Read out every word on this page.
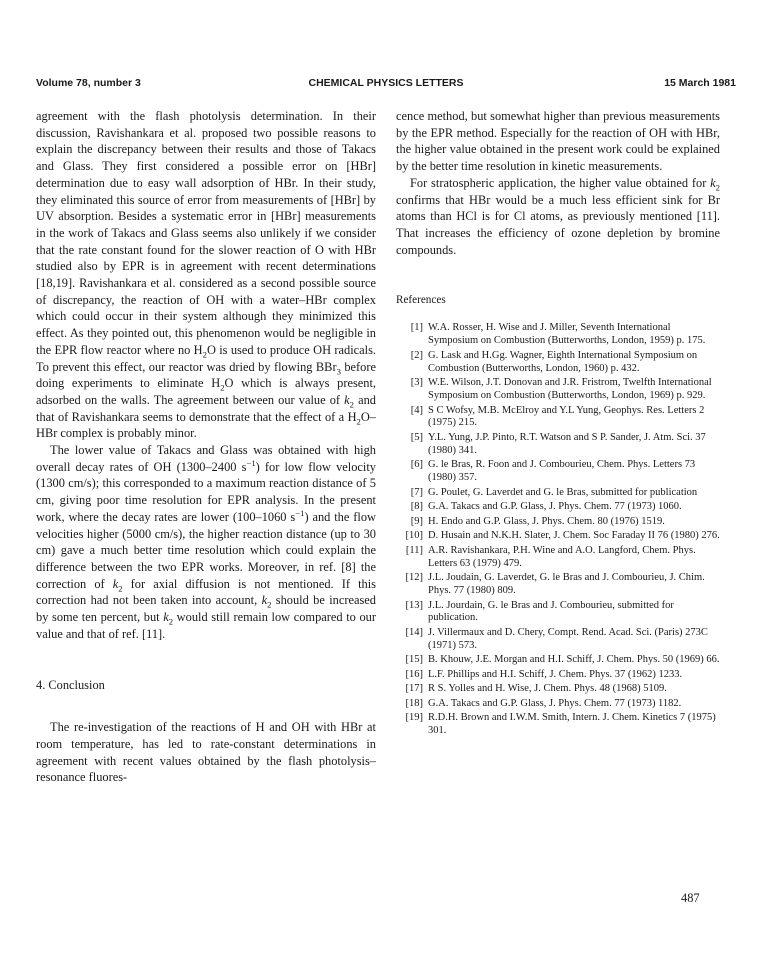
Volume 78, number 3	CHEMICAL PHYSICS LETTERS	15 March 1981

agreement with the flash photolysis determination. In their discussion, Ravishankara et al. proposed two possible reasons to explain the discrepancy between their results and those of Takacs and Glass. They first considered a possible error on [HBr] determination due to easy wall adsorption of HBr. In their study, they eliminated this source of error from measurements of [HBr] by UV absorption. Besides a systematic error in [HBr] measurements in the work of Takacs and Glass seems also unlikely if we consider that the rate constant found for the slower reaction of O with HBr studied also by EPR is in agreement with recent determinations [18,19]. Ravishankara et al. considered as a second possible source of discrepancy, the reaction of OH with a water–HBr complex which could occur in their system although they minimized this effect. As they pointed out, this phenomenon would be negligible in the EPR flow reactor where no $H_2O$ is used to produce OH radicals. To prevent this effect, our reactor was dried by flowing BBr$_3$ before doing experiments to eliminate $H_2O$ which is always present, adsorbed on the walls. The agreement between our value of $k_2$ and that of Ravishankara seems to demonstrate that the effect of a $H_2O$–HBr complex is probably minor.

The lower value of Takacs and Glass was obtained with high overall decay rates of OH (1300–2400 $s^{-1}$) for low flow velocity (1300 cm/s); this corresponded to a maximum reaction distance of 5 cm, giving poor time resolution for EPR analysis. In the present work, where the decay rates are lower (100–1060 $s^{-1}$) and the flow velocities higher (5000 cm/s), the higher reaction distance (up to 30 cm) gave a much better time resolution which could explain the difference between the two EPR works. Moreover, in ref. [8] the correction of $k_2$ for axial diffusion is not mentioned. If this correction had not been taken into account, $k_2$ should be increased by some ten percent, but $k_2$ would still remain low compared to our value and that of ref. [11].

4. Conclusion

The re-investigation of the reactions of H and OH with HBr at room temperature, has led to rate-constant determinations in agreement with recent values obtained by the flash photolysis–resonance fluores-

cence method, but somewhat higher than previous measurements by the EPR method. Especially for the reaction of OH with HBr, the higher value obtained in the present work could be explained by the better time resolution in kinetic measurements.

For stratospheric application, the higher value obtained for $k_2$ confirms that HBr would be a much less efficient sink for Br atoms than HCl is for Cl atoms, as previously mentioned [11]. That increases the efficiency of ozone depletion by bromine compounds.

References
[1] W.A. Rosser, H. Wise and J. Miller, Seventh International Symposium on Combustion (Butterworths, London, 1959) p. 175.
[2] G. Lask and H.Gg. Wagner, Eighth International Symposium on Combustion (Butterworths, London, 1960) p. 432.
[3] W.E. Wilson, J.T. Donovan and J.R. Fristrom, Twelfth International Symposium on Combustion (Butterworths, London, 1969) p. 929.
[4] S C Wofsy, M.B. McElroy and Y.L Yung, Geophys. Res. Letters 2 (1975) 215.
[5] Y.L. Yung, J.P. Pinto, R.T. Watson and S P. Sander, J. Atm. Sci. 37 (1980) 341.
[6] G. le Bras, R. Foon and J. Combourieu, Chem. Phys. Letters 73 (1980) 357.
[7] G. Poulet, G. Laverdet and G. le Bras, submitted for publication
[8] G.A. Takacs and G.P. Glass, J. Phys. Chem. 77 (1973) 1060.
[9] H. Endo and G.P. Glass, J. Phys. Chem. 80 (1976) 1519.
[10] D. Husain and N.K.H. Slater, J. Chem. Soc Faraday II 76 (1980) 276.
[11] A.R. Ravishankara, P.H. Wine and A.O. Langford, Chem. Phys. Letters 63 (1979) 479.
[12] J.L. Joudain, G. Laverdet, G. le Bras and J. Combourieu, J. Chim. Phys. 77 (1980) 809.
[13] J.L. Jourdain, G. le Bras and J. Combourieu, submitted for publication.
[14] J. Villermaux and D. Chery, Compt. Rend. Acad. Sci. (Paris) 273C (1971) 573.
[15] B. Khouw, J.E. Morgan and H.I. Schiff, J. Chem. Phys. 50 (1969) 66.
[16] L.F. Phillips and H.I. Schiff, J. Chem. Phys. 37 (1962) 1233.
[17] R S. Yolles and H. Wise, J. Chem. Phys. 48 (1968) 5109.
[18] G.A. Takacs and G.P. Glass, J. Phys. Chem. 77 (1973) 1182.
[19] R.D.H. Brown and I.W.M. Smith, Intern. J. Chem. Kinetics 7 (1975) 301.
487
